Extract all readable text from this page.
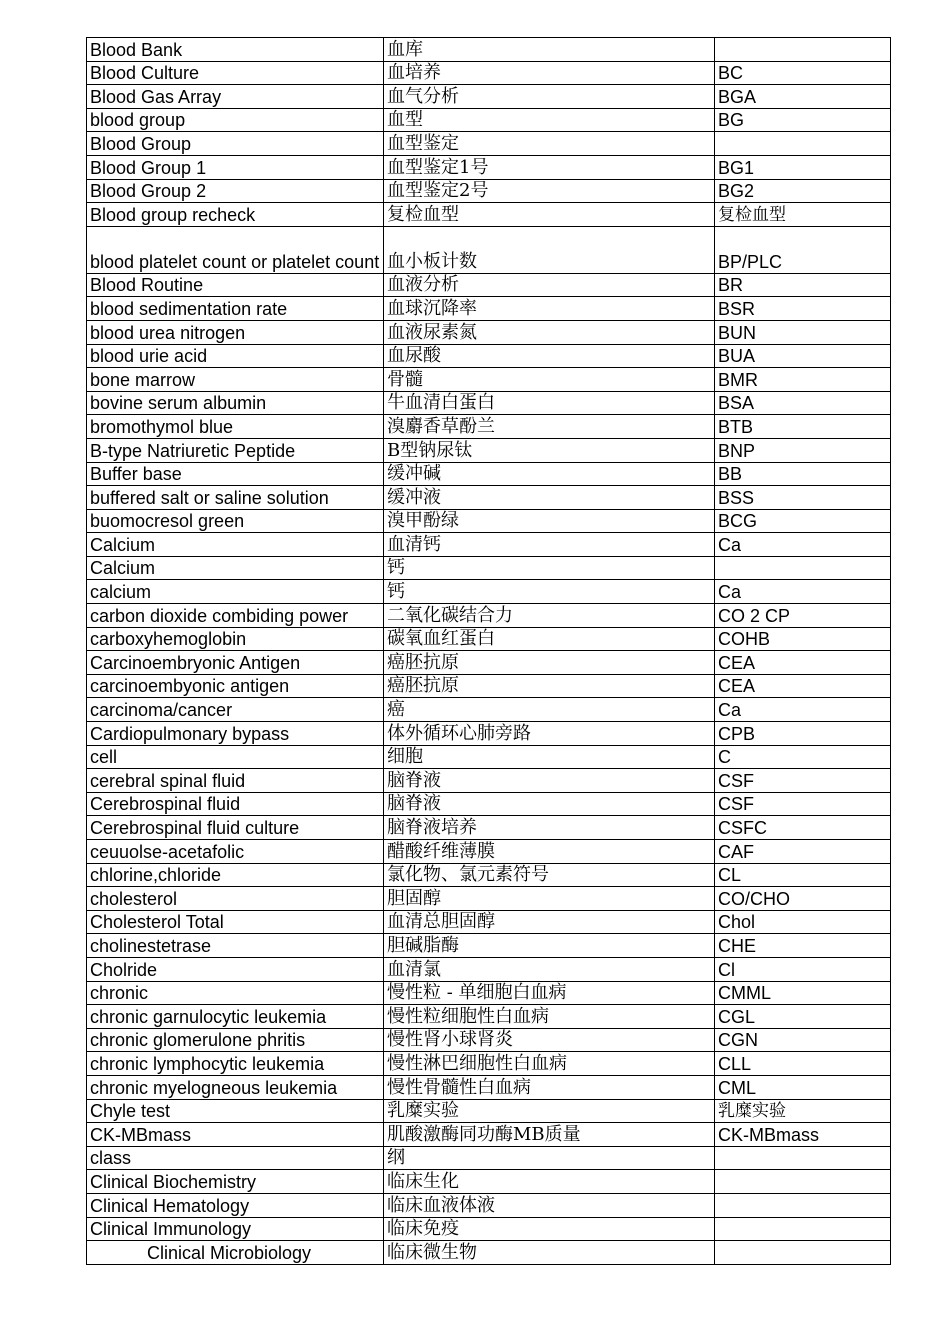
Blood Bank	血库	
Blood Culture	血培养	BC
Blood Gas Array	血气分析	BGA
blood group	血型	BG
Blood Group	血型鉴定	
Blood Group 1	血型鉴定1号	BG1
Blood Group 2	血型鉴定2号	BG2
Blood group recheck	复检血型	复检血型
blood platelet count or platelet count	血小板计数	BP/PLC
Blood Routine	血液分析	BR
blood sedimentation rate	血球沉降率	BSR
blood urea nitrogen	血液尿素氮	BUN
blood urie acid	血尿酸	BUA
bone marrow	骨髓	BMR
bovine serum albumin	牛血清白蛋白	BSA
bromothymol blue	溴麝香草酚兰	BTB
B-type Natriuretic Peptide	B型钠尿钛	BNP
Buffer base	缓冲碱	BB
buffered salt or saline solution	缓冲液	BSS
buomocresol green	溴甲酚绿	BCG
Calcium	血清钙	Ca
Calcium	钙	
calcium	钙	Ca
carbon dioxide combiding power	二氧化碳结合力	CO 2 CP
carboxyhemoglobin	碳氧血红蛋白	COHB
Carcinoembryonic Antigen	癌胚抗原	CEA
carcinoembyonic antigen	癌胚抗原	CEA
carcinoma/cancer	癌	Ca
Cardiopulmonary bypass	体外循环心肺旁路	CPB
cell	细胞	C
cerebral spinal fluid	脑脊液	CSF
Cerebrospinal fluid	脑脊液	CSF
Cerebrospinal fluid culture	脑脊液培养	CSFC
ceuuolse-acetafolic	醋酸纤维薄膜	CAF
chlorine,chloride	氯化物、氯元素符号	CL
cholesterol	胆固醇	CO/CHO
Cholesterol Total	血清总胆固醇	Chol
cholinestetrase	胆碱脂酶	CHE
Cholride	血清氯	Cl
chronic	慢性粒 - 单细胞白血病	CMML
chronic garnulocytic leukemia	慢性粒细胞性白血病	CGL
chronic glomerulone phritis	慢性肾小球肾炎	CGN
chronic lymphocytic leukemia	慢性淋巴细胞性白血病	CLL
chronic myelogneous leukemia	慢性骨髓性白血病	CML
Chyle test	乳糜实验	乳糜实验
CK-MBmass	肌酸激酶同功酶MB质量	CK-MBmass
class	纲	
Clinical Biochemistry	临床生化	
Clinical Hematology	临床血液体液	
Clinical Immunology	临床免疫	
Clinical Microbiology	临床微生物	
